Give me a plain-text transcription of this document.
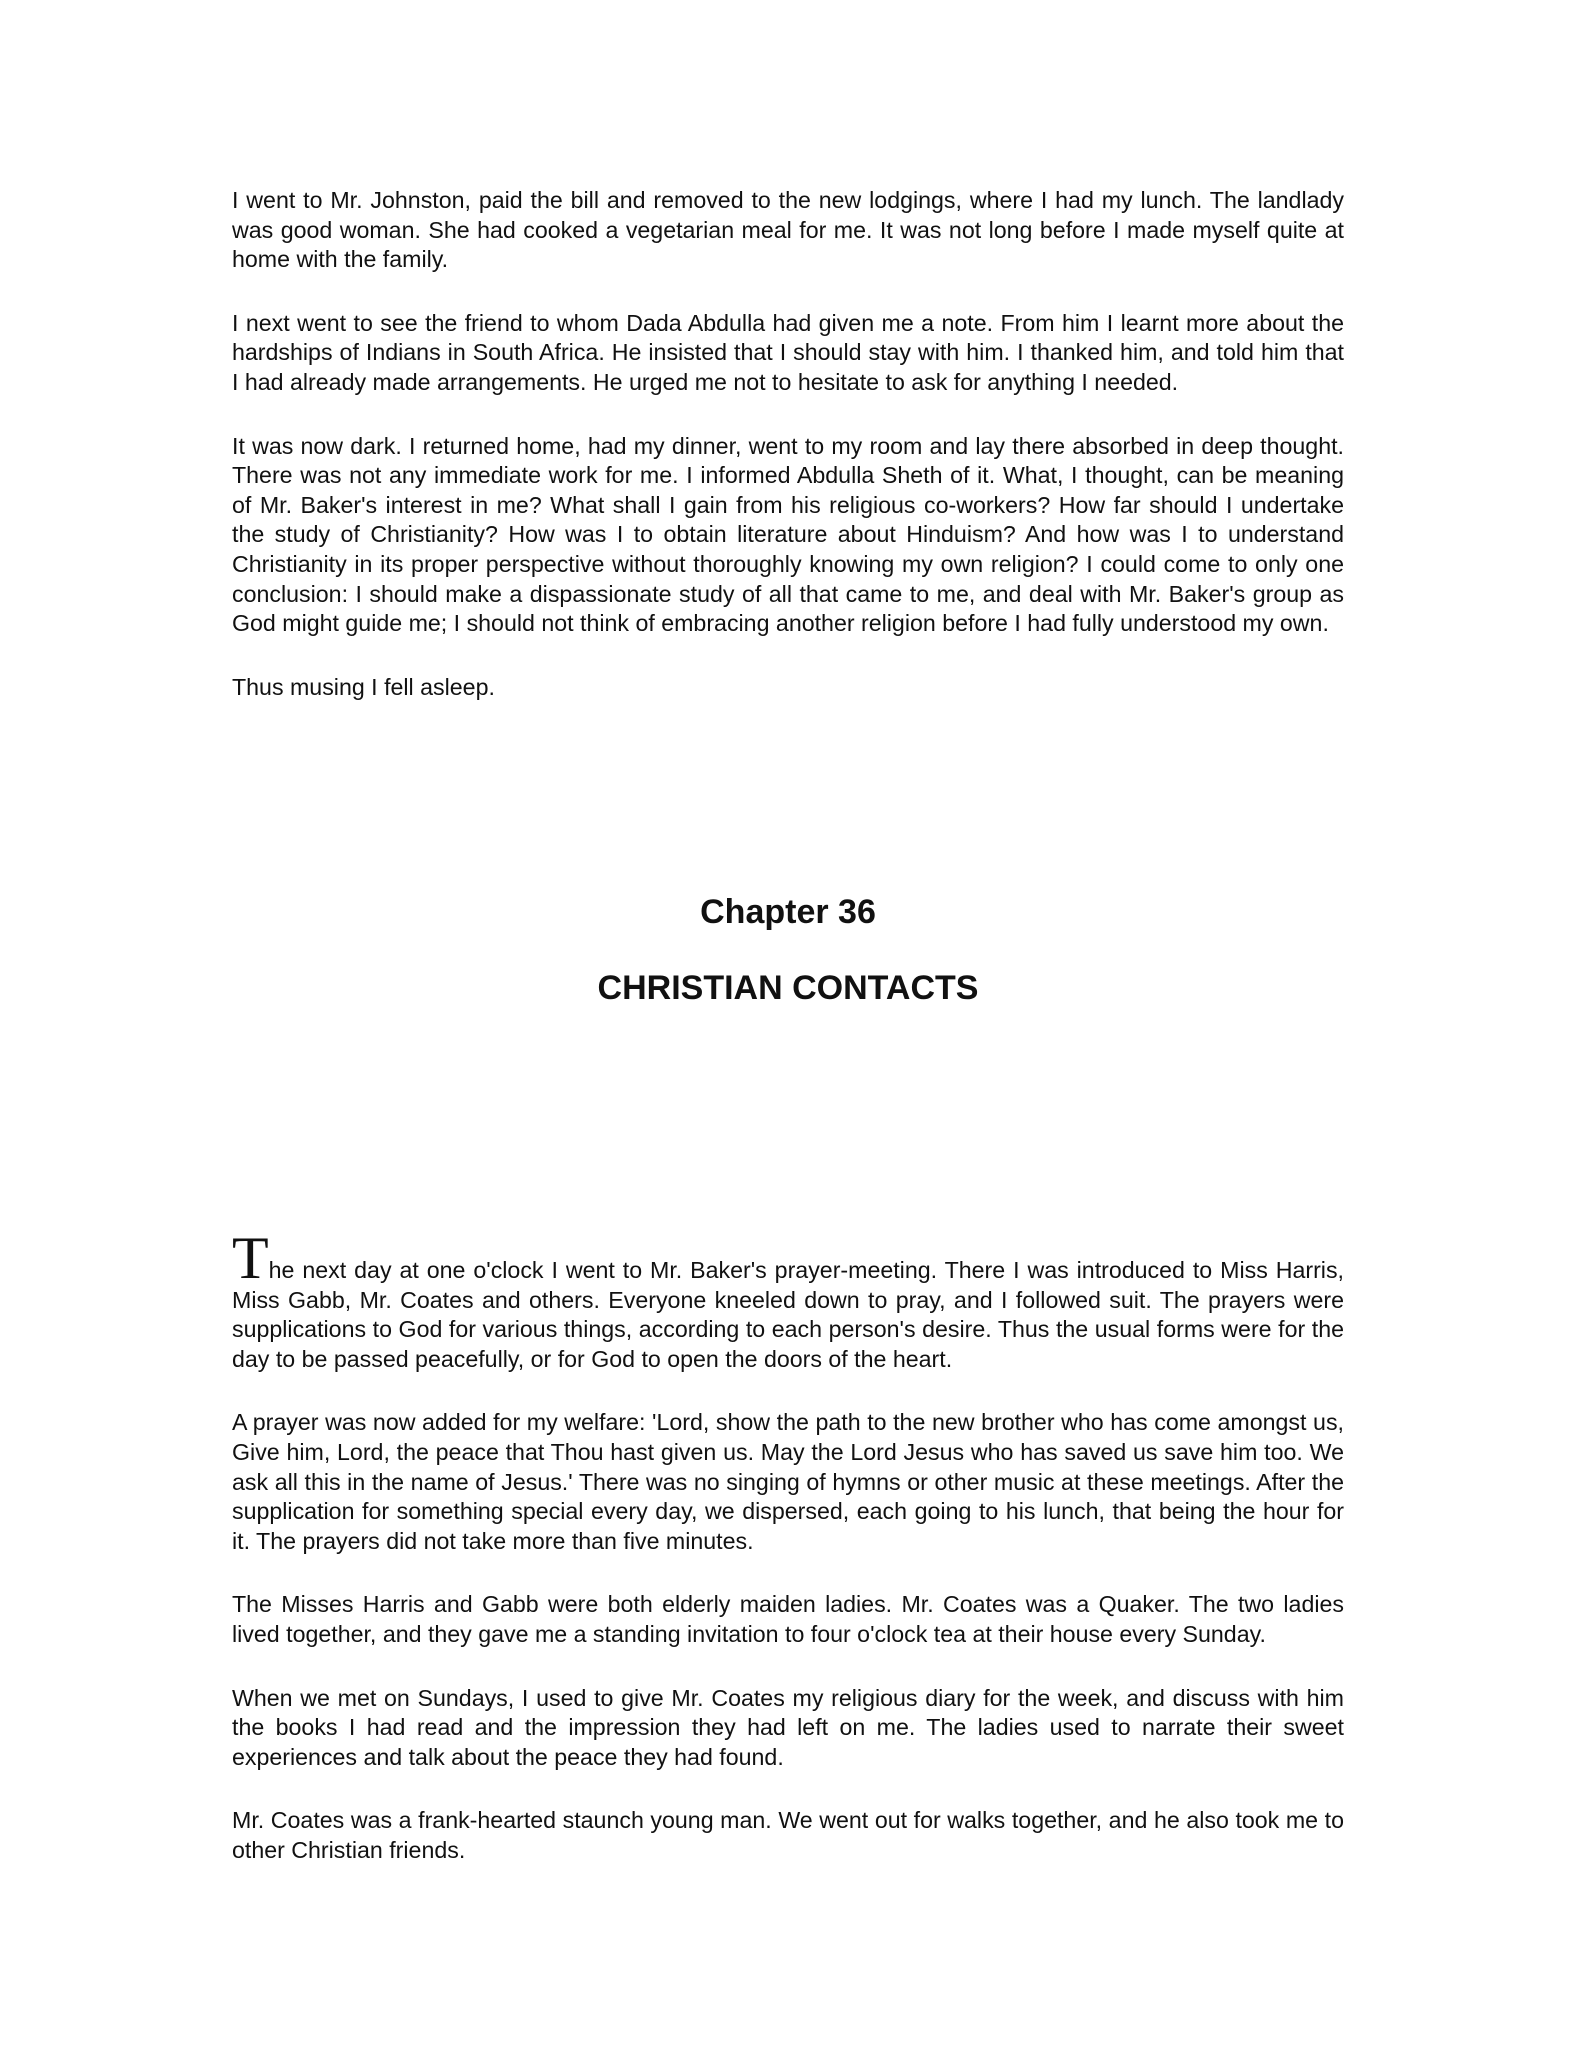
I went to Mr. Johnston, paid the bill and removed to the new lodgings, where I had my lunch. The landlady was good woman. She had cooked a vegetarian meal for me. It was not long before I made myself quite at home with the family.

I next went to see the friend to whom Dada Abdulla had given me a note. From him I learnt more about the hardships of Indians in South Africa. He insisted that I should stay with him. I thanked him, and told him that I had already made arrangements. He urged me not to hesitate to ask for anything I needed.

It was now dark. I returned home, had my dinner, went to my room and lay there absorbed in deep thought. There was not any immediate work for me. I informed Abdulla Sheth of it. What, I thought, can be meaning of Mr. Baker's interest in me? What shall I gain from his religious co-workers? How far should I undertake the study of Christianity? How was I to obtain literature about Hinduism? And how was I to understand Christianity in its proper perspective without thoroughly knowing my own religion? I could come to only one conclusion: I should make a dispassionate study of all that came to me, and deal with Mr. Baker's group as God might guide me; I should not think of embracing another religion before I had fully understood my own.

Thus musing I fell asleep.

Chapter 36
CHRISTIAN CONTACTS

The next day at one o'clock I went to Mr. Baker's prayer-meeting. There I was introduced to Miss Harris, Miss Gabb, Mr. Coates and others. Everyone kneeled down to pray, and I followed suit. The prayers were supplications to God for various things, according to each person's desire. Thus the usual forms were for the day to be passed peacefully, or for God to open the doors of the heart.

A prayer was now added for my welfare: 'Lord, show the path to the new brother who has come amongst us, Give him, Lord, the peace that Thou hast given us. May the Lord Jesus who has saved us save him too. We ask all this in the name of Jesus.' There was no singing of hymns or other music at these meetings. After the supplication for something special every day, we dispersed, each going to his lunch, that being the hour for it. The prayers did not take more than five minutes.

The Misses Harris and Gabb were both elderly maiden ladies. Mr. Coates was a Quaker. The two ladies lived together, and they gave me a standing invitation to four o'clock tea at their house every Sunday.

When we met on Sundays, I used to give Mr. Coates my religious diary for the week, and discuss with him the books I had read and the impression they had left on me. The ladies used to narrate their sweet experiences and talk about the peace they had found.

Mr. Coates was a frank-hearted staunch young man. We went out for walks together, and he also took me to other Christian friends.
